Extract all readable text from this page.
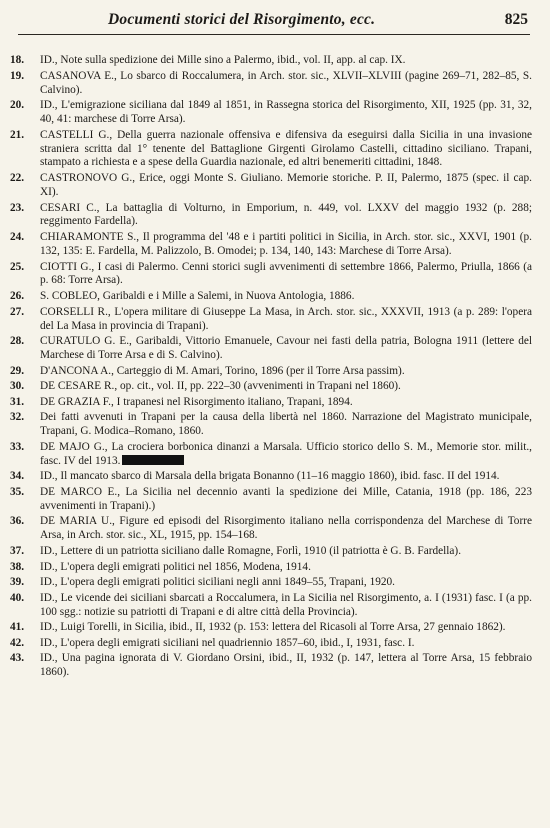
Documenti storici del Risorgimento, ecc.	825
18. ID., Note sulla spedizione dei Mille sino a Palermo, ibid., vol. II, app. al cap. IX.
19. CASANOVA E., Lo sbarco di Roccalumera, in Arch. stor. sic., XLVII–XLVIII (pagine 269–71, 282–85, S. Calvino).
20. ID., L'emigrazione siciliana dal 1849 al 1851, in Rassegna storica del Risorgimento, XII, 1925 (pp. 31, 32, 40, 41: marchese di Torre Arsa).
21. CASTELLI G., Della guerra nazionale offensiva e difensiva da eseguirsi dalla Sicilia in una invasione straniera scritta dal 1° tenente del Battaglione Girgenti Girolamo Castelli, cittadino siciliano. Trapani, stampato a richiesta e a spese della Guardia nazionale, ed altri benemeriti cittadini, 1848.
22. CASTRONOVO G., Erice, oggi Monte S. Giuliano. Memorie storiche. P. II, Palermo, 1875 (spec. il cap. XI).
23. CESARI C., La battaglia di Volturno, in Emporium, n. 449, vol. LXXV del maggio 1932 (p. 288; reggimento Fardella).
24. CHIARAMONTE S., Il programma del '48 e i partiti politici in Sicilia, in Arch. stor. sic., XXVI, 1901 (p. 132, 135: E. Fardella, M. Palizzolo, B. Omodei; p. 134, 140, 143: Marchese di Torre Arsa).
25. CIOTTI G., I casi di Palermo. Cenni storici sugli avvenimenti di settembre 1866, Palermo, Priulla, 1866 (a p. 68: Torre Arsa).
26. S. COBLEO, Garibaldi e i Mille a Salemi, in Nuova Antologia, 1886.
27. CORSELLI R., L'opera militare di Giuseppe La Masa, in Arch. stor. sic., XXXVII, 1913 (a p. 289: l'opera del La Masa in provincia di Trapani).
28. CURATULO G. E., Garibaldi, Vittorio Emanuele, Cavour nei fasti della patria, Bologna 1911 (lettere del Marchese di Torre Arsa e di S. Calvino).
29. D'ANCONA A., Carteggio di M. Amari, Torino, 1896 (per il Torre Arsa passim).
30. DE CESARE R., op. cit., vol. II, pp. 222–30 (avvenimenti in Trapani nel 1860).
31. DE GRAZIA F., I trapanesi nel Risorgimento italiano, Trapani, 1894.
32. Dei fatti avvenuti in Trapani per la causa della libertà nel 1860. Narrazione del Magistrato municipale, Trapani, G. Modica–Romano, 1860.
33. DE MAJO G., La crociera borbonica dinanzi a Marsala. Ufficio storico dello S. M., Memorie stor. milit., fasc. IV del 1913.
34. ID., Il mancato sbarco di Marsala della brigata Bonanno (11–16 maggio 1860), ibid. fasc. II del 1914.
35. DE MARCO E., La Sicilia nel decennio avanti la spedizione dei Mille, Catania, 1918 (pp. 186, 223 avvenimenti in Trapani).)
36. DE MARIA U., Figure ed episodi del Risorgimento italiano nella corrispondenza del Marchese di Torre Arsa, in Arch. stor. sic., XL, 1915, pp. 154–168.
37. ID., Lettere di un patriotta siciliano dalle Romagne, Forlì, 1910 (il patriotta è G. B. Fardella).
38. ID., L'opera degli emigrati politici nel 1856, Modena, 1914.
39. ID., L'opera degli emigrati politici siciliani negli anni 1849–55, Trapani, 1920.
40. ID., Le vicende dei siciliani sbarcati a Roccalumera, in La Sicilia nel Risorgimento, a. I (1931) fasc. I (a pp. 100 sgg.: notizie su patriotti di Trapani e di altre città della Provincia).
41. ID., Luigi Torelli, in Sicilia, ibid., II, 1932 (p. 153: lettera del Ricasoli al Torre Arsa, 27 gennaio 1862).
42. ID., L'opera degli emigrati siciliani nel quadriennio 1857–60, ibid., I, 1931, fasc. I.
43. ID., Una pagina ignorata di V. Giordano Orsini, ibid., II, 1932 (p. 147, lettera al Torre Arsa, 15 febbraio 1860).
